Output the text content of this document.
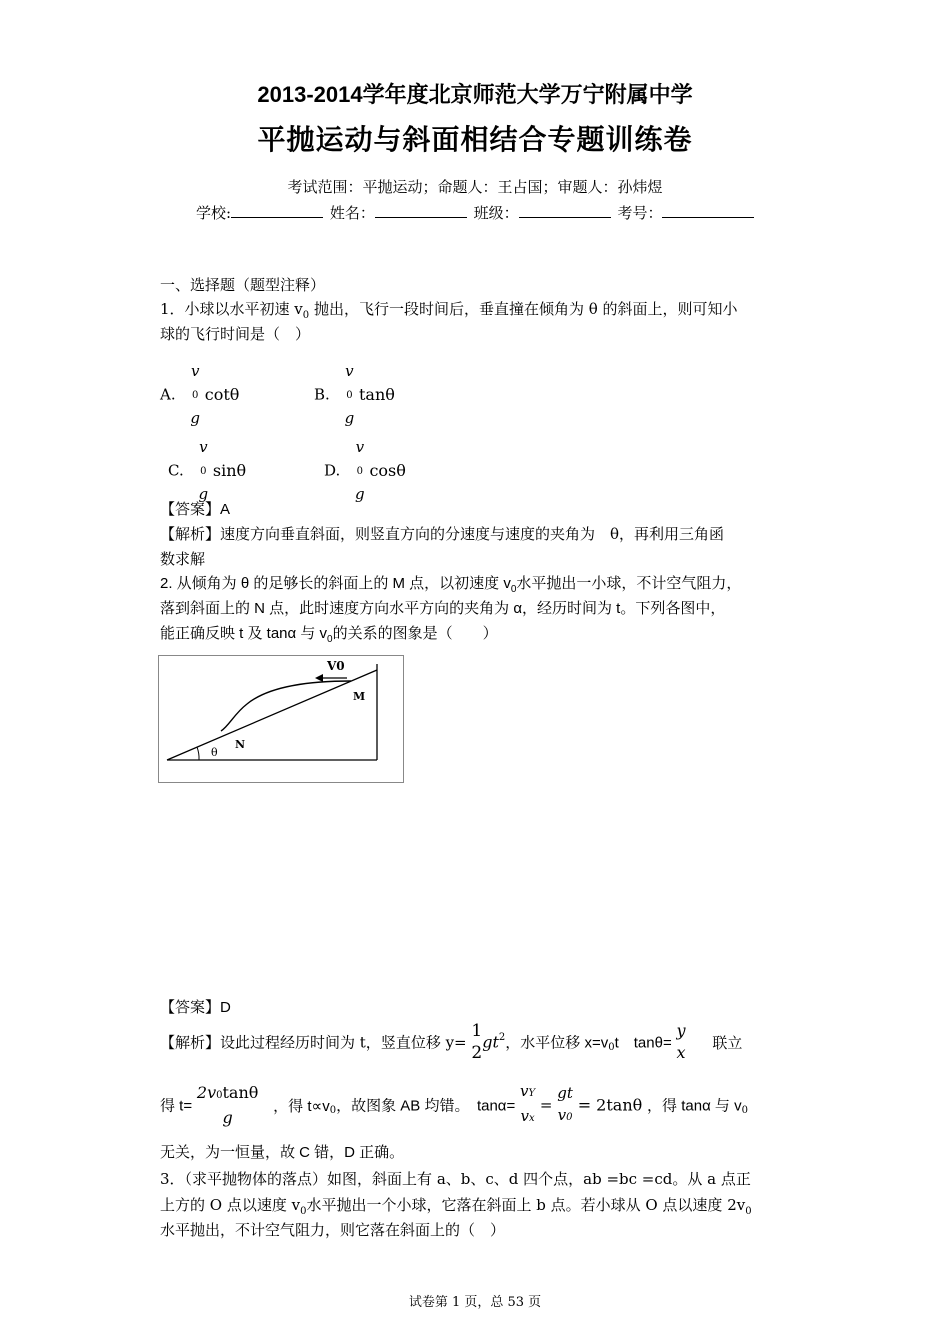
2013-2014学年度北京师范大学万宁附属中学
平抛运动与斜面相结合专题训练卷
考试范围：平抛运动；命题人：王占国；审题人：孙炜煜
学校:	姓名：	班级：	考号：
一、选择题（题型注释）
1．小球以水平初速 $v_0$ 抛出，飞行一段时间后，垂直撞在倾角为 θ 的斜面上，则可知小
球的飞行时间是（　）
A. v
0
g cotθ	B. v
0
g tanθ
C. v
0
g sinθ	D. v
0
g cosθ
【答案】A
【解析】速度方向垂直斜面，则竖直方向的分速度与速度的夹角为　θ，再利用三角函
数求解
2. 从倾角为 θ 的足够长的斜面上的 M 点，以初速度 $v_0$水平抛出一小球，不计空气阻力，
落到斜面上的 N 点，此时速度方向水平方向的夹角为 α，经历时间为 t。下列各图中，
能正确反映 t 及 tanα 与 $v_0$的关系的图象是（　　）
V0
M
N
θ
【答案】D
【解析】设此过程经历时间为 t，竖直位移 y= 1
$2gt^2$，水平位移 $x=v_0t$　tanθ= y
x 联立
得 t= 2v0tanθ
g ，得 $t\propto v_0$，故图象 AB 均错。　tanα= vY
vx = gt
v0 = 2tanθ ，得 tanα 与 $v_0$
无关，为一恒量，故 C 错，D 正确。
3．（求平抛物体的落点）如图，斜面上有 a、b、c、d 四个点，ab =bc =cd。从 a 点正
上方的 O 点以速度 $v_0$水平抛出一个小球，它落在斜面上 b 点。若小球从 O 点以速度 $2v_0$
水平抛出，不计空气阻力，则它落在斜面上的（　）
试卷第 1 页，总 53 页
